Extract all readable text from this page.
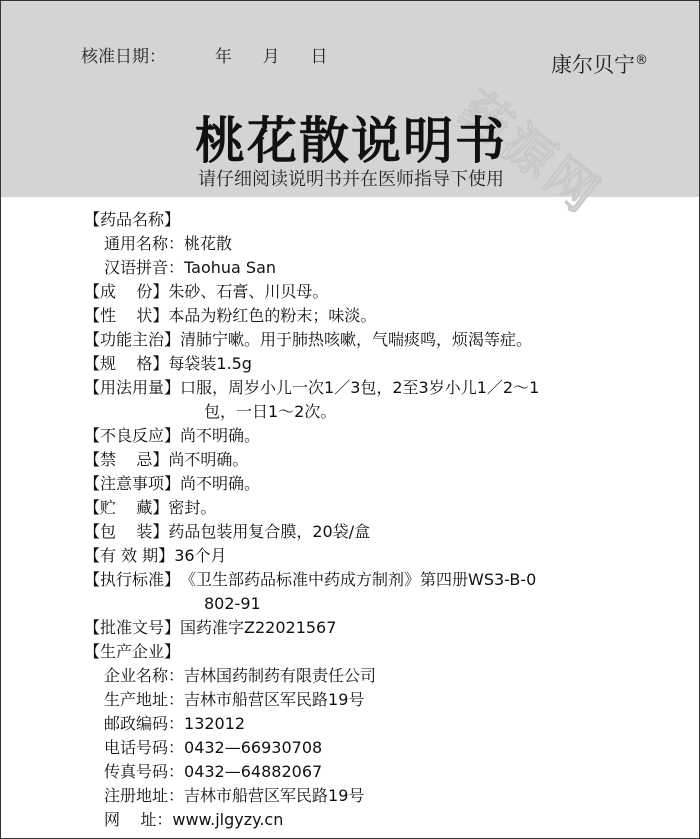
核准日期：	年 月 日
药源网
康尔贝宁®
桃花散说明书
请仔细阅读说明书并在医师指导下使用
【药品名称】
通用名称：桃花散
汉语拼音：Taohua San
【成    份】朱砂、石膏、川贝母。
【性    状】本品为粉红色的粉末；味淡。
【功能主治】清肺宁嗽。用于肺热咳嗽，气喘痰鸣，烦渴等症。
【规    格】每袋装1.5g
【用法用量】口服，周岁小儿一次1／3包，2至3岁小儿1／2～1
包，一日1～2次。
【不良反应】尚不明确。
【禁    忌】尚不明确。
【注意事项】尚不明确。
【贮    藏】密封。
【包    装】药品包装用复合膜，20袋/盒
【有 效 期】36个月
【执行标准】《卫生部药品标准中药成方制剂》第四册WS3-B-0
802-91
【批准文号】国药准字Z22021567
【生产企业】
企业名称：吉林国药制药有限责任公司
生产地址：吉林市船营区军民路19号
邮政编码：132012
电话号码：0432—66930708
传真号码：0432—64882067
注册地址：吉林市船营区军民路19号
网    址：www.jlgyzy.cn
